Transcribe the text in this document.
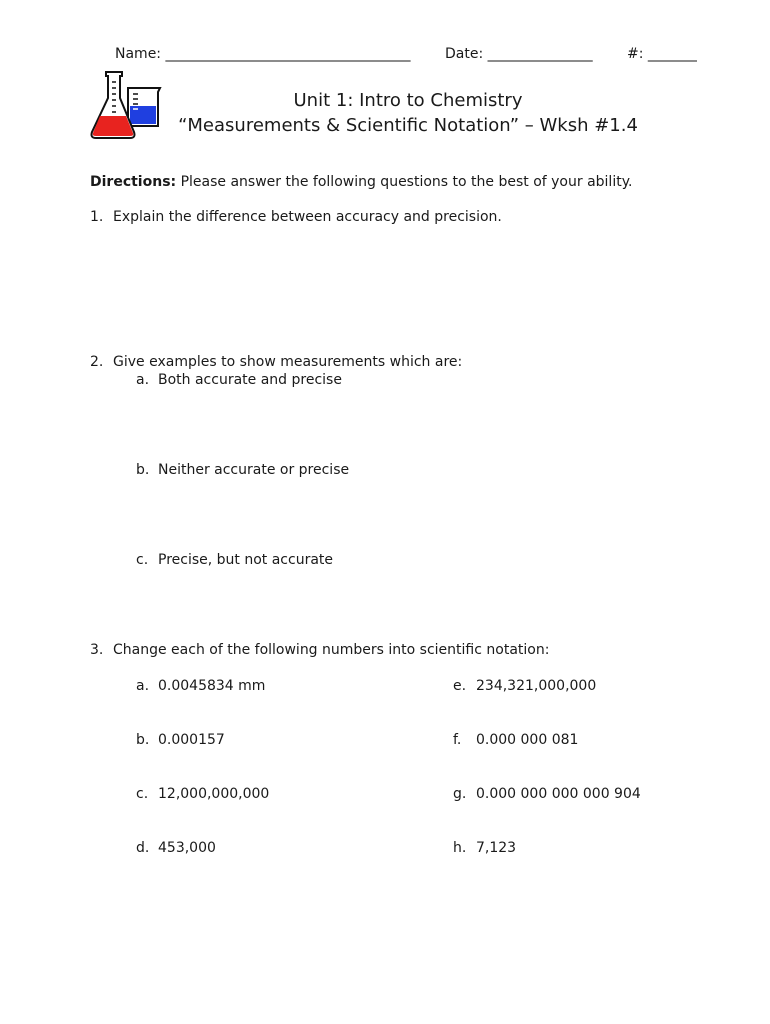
Name: ___________________________________ Date: _______________ #: _______
Unit 1: Intro to Chemistry
“Measurements & Scientific Notation” – Wksh #1.4
Directions: Please answer the following questions to the best of your ability.
1. Explain the difference between accuracy and precision.
2. Give examples to show measurements which are:
a. Both accurate and precise
b. Neither accurate or precise
c. Precise, but not accurate
3. Change each of the following numbers into scientific notation:
a. 0.0045834 mm
b. 0.000157
c. 12,000,000,000
d. 453,000
e. 234,321,000,000
f. 0.000 000 081
g. 0.000 000 000 000 904
h. 7,123
